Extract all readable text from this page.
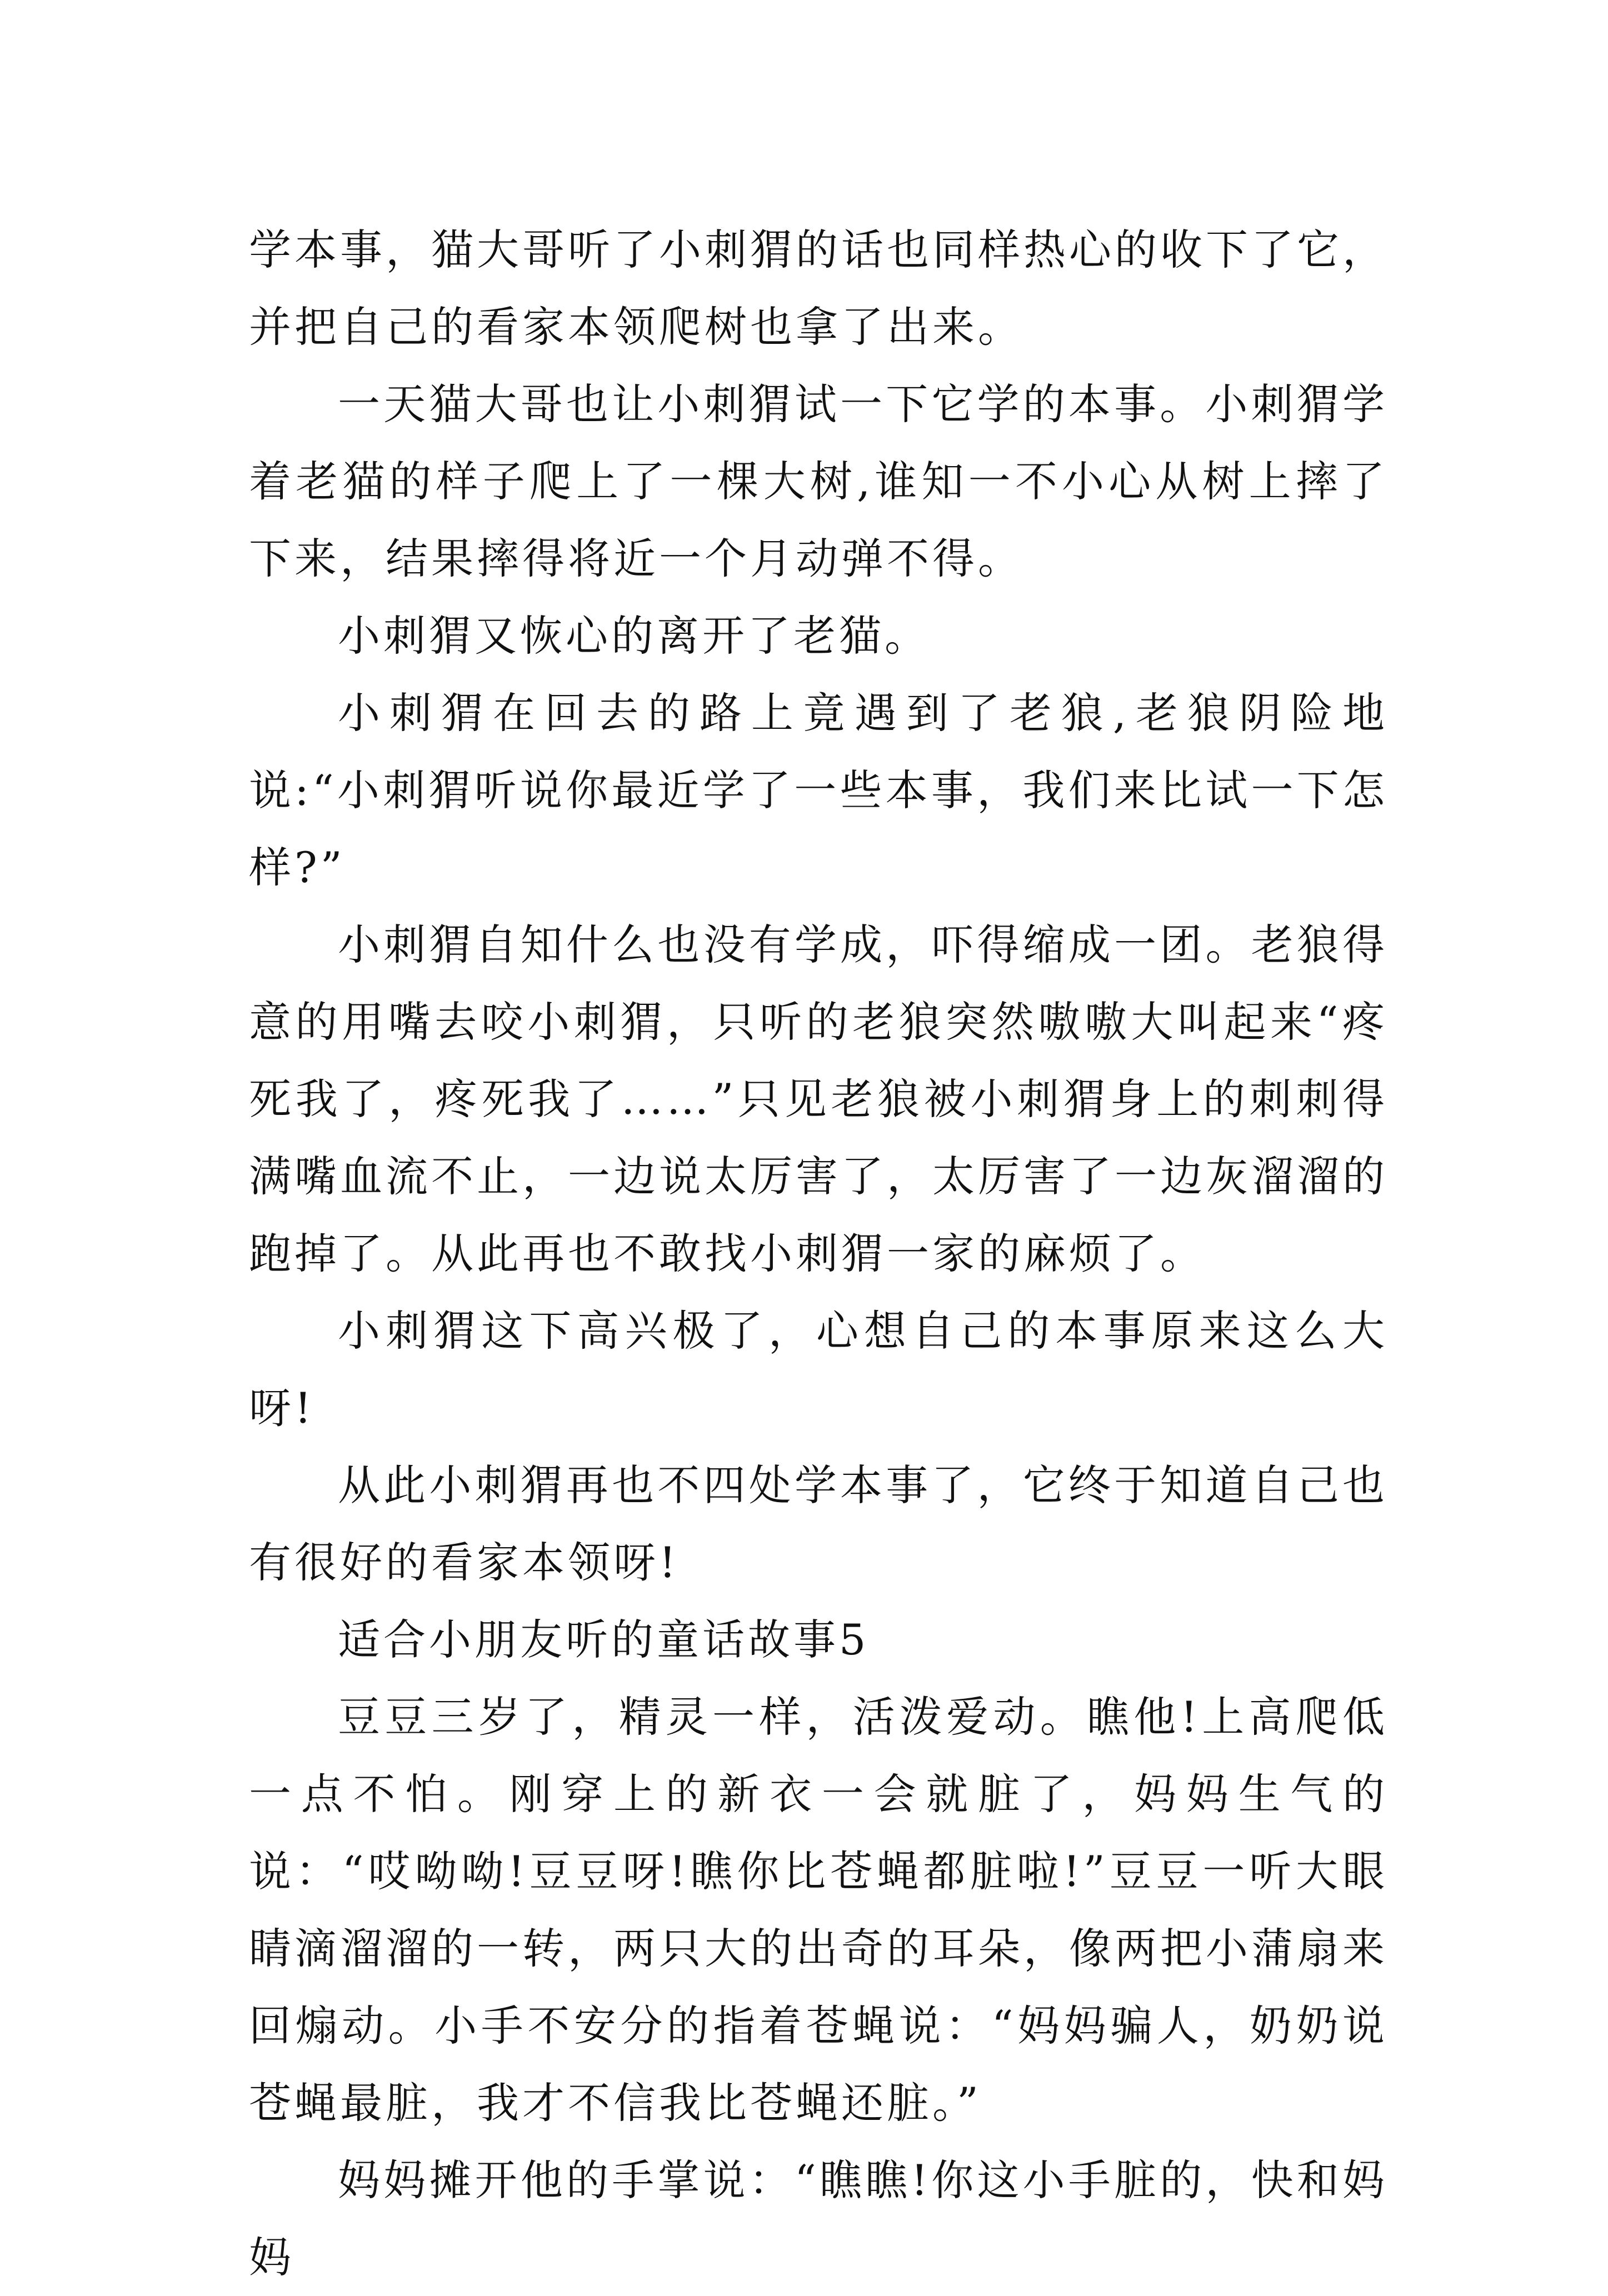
学本事，猫大哥听了小刺猬的话也同样热心的收下了它，并把自己的看家本领爬树也拿了出来。

一天猫大哥也让小刺猬试一下它学的本事。小刺猬学着老猫的样子爬上了一棵大树,谁知一不小心从树上摔了下来，结果摔得将近一个月动弹不得。

小刺猬又恢心的离开了老猫。

小刺猬在回去的路上竟遇到了老狼,老狼阴险地说:“小刺猬听说你最近学了一些本事，我们来比试一下怎样?”

小刺猬自知什么也没有学成，吓得缩成一团。老狼得意的用嘴去咬小刺猬，只听的老狼突然嗷嗷大叫起来“疼死我了，疼死我了……”只见老狼被小刺猬身上的刺刺得满嘴血流不止，一边说太厉害了，太厉害了一边灰溜溜的跑掉了。从此再也不敢找小刺猬一家的麻烦了。

小刺猬这下高兴极了，心想自己的本事原来这么大呀!

从此小刺猬再也不四处学本事了，它终于知道自己也有很好的看家本领呀!

适合小朋友听的童话故事5

豆豆三岁了，精灵一样，活泼爱动。瞧他!上高爬低一点不怕。刚穿上的新衣一会就脏了，妈妈生气的说：“哎呦呦!豆豆呀!瞧你比苍蝇都脏啦!”豆豆一听大眼睛滴溜溜的一转，两只大的出奇的耳朵，像两把小蒲扇来回煽动。小手不安分的指着苍蝇说：“妈妈骗人，奶奶说苍蝇最脏，我才不信我比苍蝇还脏。”

妈妈摊开他的手掌说：“瞧瞧!你这小手脏的，快和妈妈
